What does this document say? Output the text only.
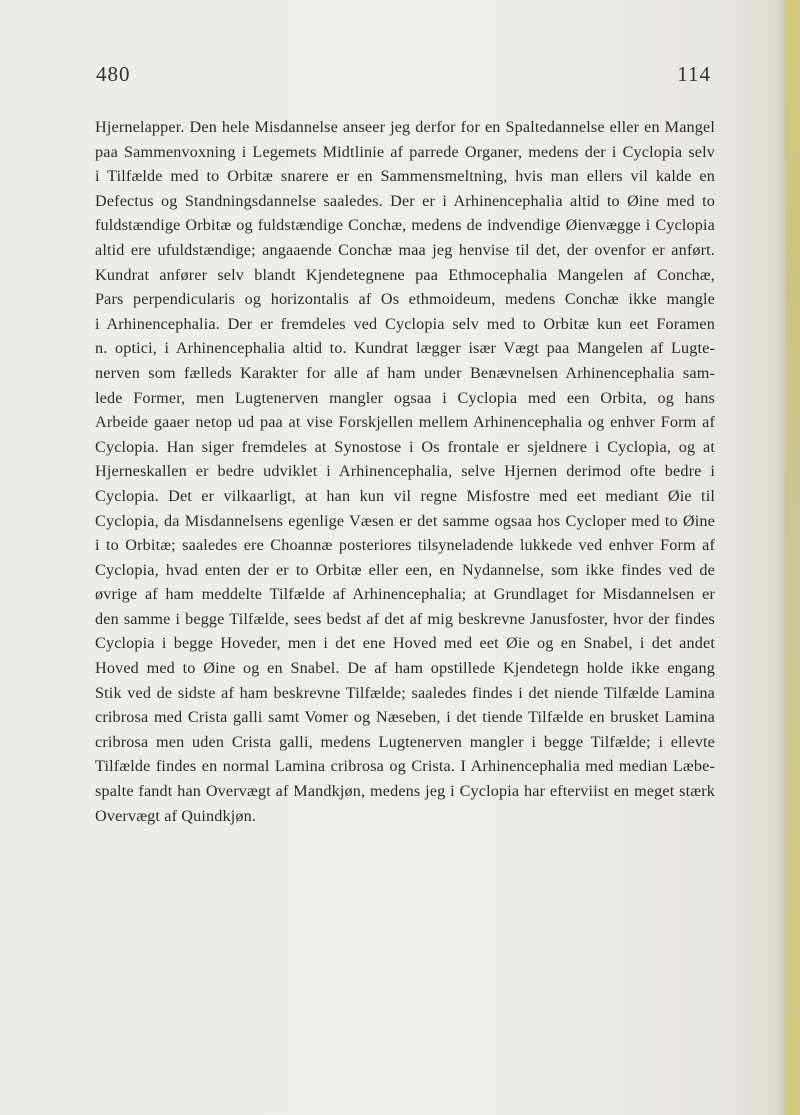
480	114
Hjernelapper. Den hele Misdannelse anseer jeg derfor for en Spaltedannelse eller en Mangel
paa Sammenvoxning i Legemets Midtlinie af parrede Organer, medens der i Cyclopia selv
i Tilfælde med to Orbitæ snarere er en Sammensmeltning, hvis man ellers vil kalde en
Defectus og Standningsdannelse saaledes. Der er i Arhinencephalia altid to Øine med to
fuldstændige Orbitæ og fuldstændige Conchæ, medens de indvendige Øienvægge i Cyclopia
altid ere ufuldstændige; angaaende Conchæ maa jeg henvise til det, der ovenfor er anført.
Kundrat anfører selv blandt Kjendetegnene paa Ethmocephalia Mangelen af Conchæ,
Pars perpendicularis og horizontalis af Os ethmoideum, medens Conchæ ikke mangle
i Arhinencephalia. Der er fremdeles ved Cyclopia selv med to Orbitæ kun eet Foramen
n. optici, i Arhinencephalia altid to. Kundrat lægger især Vægt paa Mangelen af Lugte-
nerven som fælleds Karakter for alle af ham under Benævnelsen Arhinencephalia sam-
lede Former, men Lugtenerven mangler ogsaa i Cyclopia med een Orbita, og hans
Arbeide gaaer netop ud paa at vise Forskjellen mellem Arhinencephalia og enhver Form af
Cyclopia. Han siger fremdeles at Synostose i Os frontale er sjeldnere i Cyclopia, og at
Hjerneskallen er bedre udviklet i Arhinencephalia, selve Hjernen derimod ofte bedre i
Cyclopia. Det er vilkaarligt, at han kun vil regne Misfostre med eet mediant Øie til
Cyclopia, da Misdannelsens egenlige Væsen er det samme ogsaa hos Cycloper med to Øine
i to Orbitæ; saaledes ere Choannæ posteriores tilsyneladende lukkede ved enhver Form af
Cyclopia, hvad enten der er to Orbitæ eller een, en Nydannelse, som ikke findes ved de
øvrige af ham meddelte Tilfælde af Arhinencephalia; at Grundlaget for Misdannelsen er
den samme i begge Tilfælde, sees bedst af det af mig beskrevne Janusfoster, hvor der findes
Cyclopia i begge Hoveder, men i det ene Hoved med eet Øie og en Snabel, i det andet
Hoved med to Øine og en Snabel. De af ham opstillede Kjendetegn holde ikke engang
Stik ved de sidste af ham beskrevne Tilfælde; saaledes findes i det niende Tilfælde Lamina
cribrosa med Crista galli samt Vomer og Næseben, i det tiende Tilfælde en brusket Lamina
cribrosa men uden Crista galli, medens Lugtenerven mangler i begge Tilfælde; i ellevte
Tilfælde findes en normal Lamina cribrosa og Crista. I Arhinencephalia med median Læbe-
spalte fandt han Overvægt af Mandkjøn, medens jeg i Cyclopia har efterviist en meget stærk
Overvægt af Quindkjøn.
